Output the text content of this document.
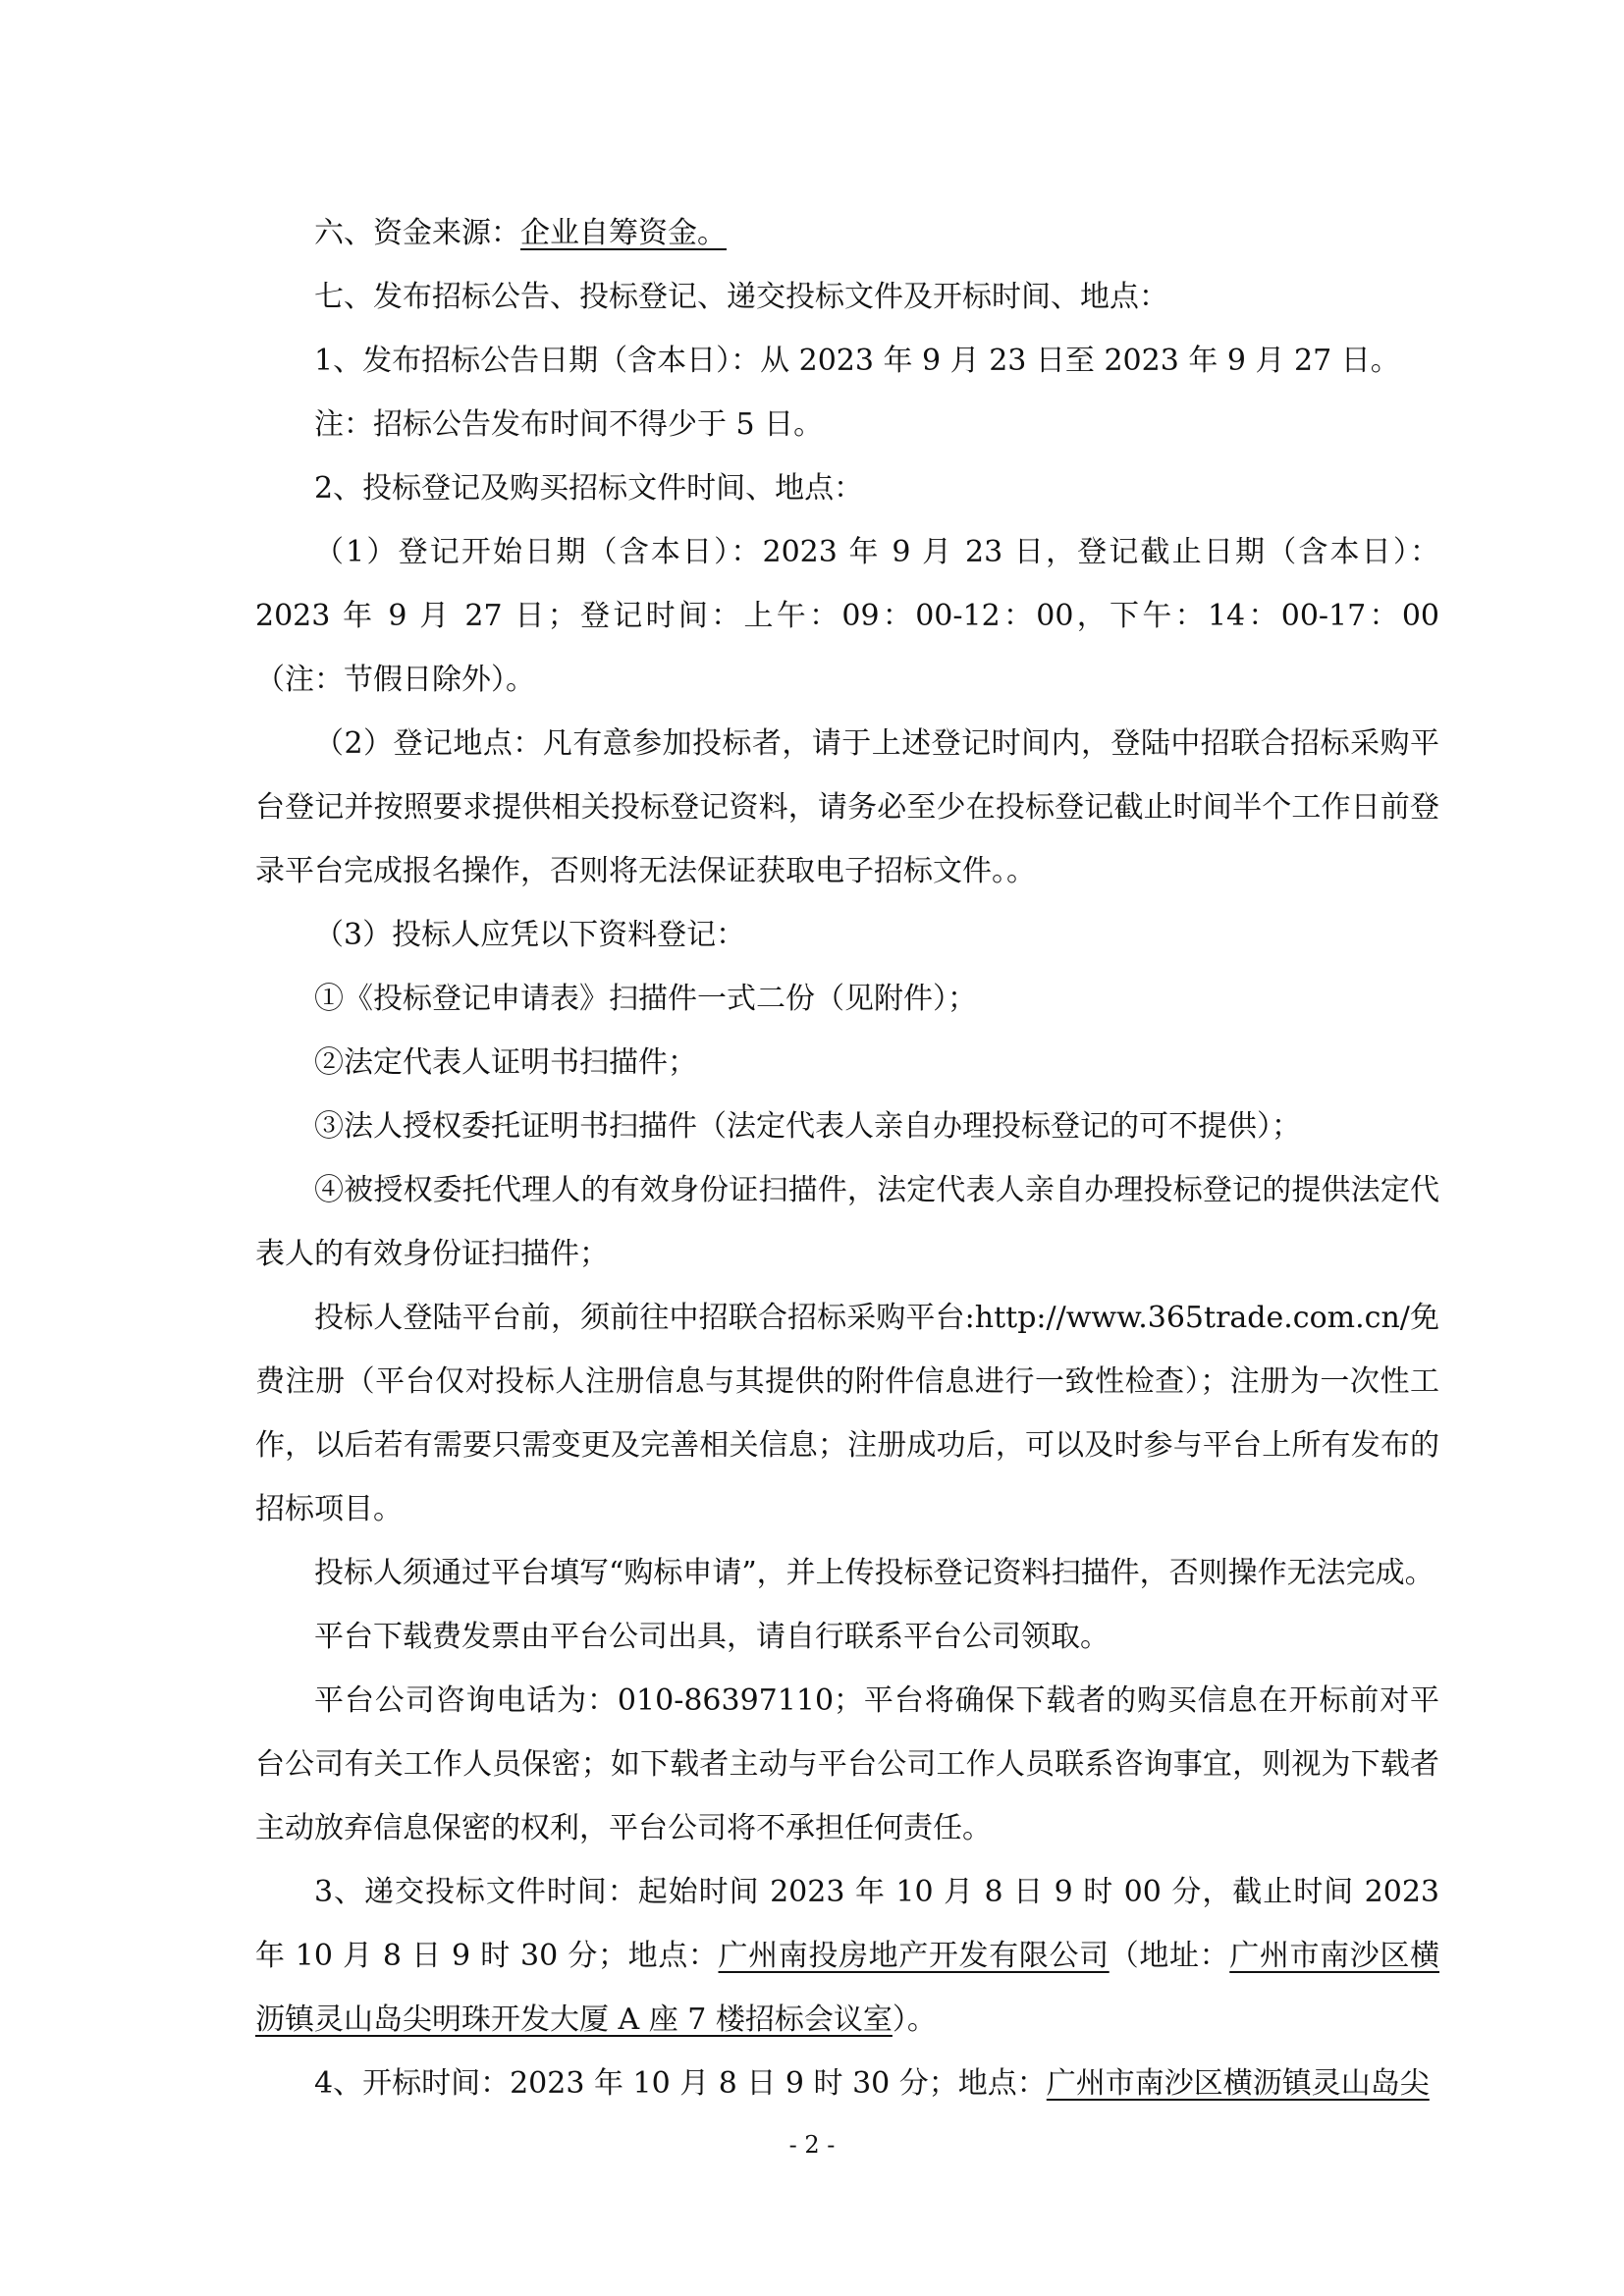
六、资金来源：企业自筹资金。

七、发布招标公告、投标登记、递交投标文件及开标时间、地点：

1、发布招标公告日期（含本日）：从 2023 年 9 月 23 日至 2023 年 9 月 27 日。

注：招标公告发布时间不得少于 5 日。

2、投标登记及购买招标文件时间、地点：

（1）登记开始日期（含本日）：2023 年 9 月 23 日，登记截止日期（含本日）：2023 年 9 月 27 日；登记时间：上午：09：00-12：00，下午：14：00-17：00 （注：节假日除外）。

（2）登记地点：凡有意参加投标者，请于上述登记时间内，登陆中招联合招标采购平台登记并按照要求提供相关投标登记资料，请务必至少在投标登记截止时间半个工作日前登录平台完成报名操作，否则将无法保证获取电子招标文件。。

（3）投标人应凭以下资料登记：

①《投标登记申请表》扫描件一式二份（见附件）；

②法定代表人证明书扫描件；

③法人授权委托证明书扫描件（法定代表人亲自办理投标登记的可不提供）；

④被授权委托代理人的有效身份证扫描件，法定代表人亲自办理投标登记的提供法定代表人的有效身份证扫描件；

投标人登陆平台前，须前往中招联合招标采购平台:http://www.365trade.com.cn/免费注册（平台仅对投标人注册信息与其提供的附件信息进行一致性检查）；注册为一次性工作，以后若有需要只需变更及完善相关信息；注册成功后，可以及时参与平台上所有发布的招标项目。

投标人须通过平台填写“购标申请”，并上传投标登记资料扫描件，否则操作无法完成。

平台下载费发票由平台公司出具，请自行联系平台公司领取。

平台公司咨询电话为：010-86397110；平台将确保下载者的购买信息在开标前对平台公司有关工作人员保密；如下载者主动与平台公司工作人员联系咨询事宜，则视为下载者主动放弃信息保密的权利，平台公司将不承担任何责任。

3、递交投标文件时间：起始时间 2023 年 10 月 8 日 9 时 00 分，截止时间 2023 年 10 月 8 日 9 时 30 分；地点：广州南投房地产开发有限公司（地址：广州市南沙区横沥镇灵山岛尖明珠开发大厦 A 座 7 楼招标会议室）。

4、开标时间：2023 年 10 月 8 日 9 时 30 分；地点：广州市南沙区横沥镇灵山岛尖

- 2 -
